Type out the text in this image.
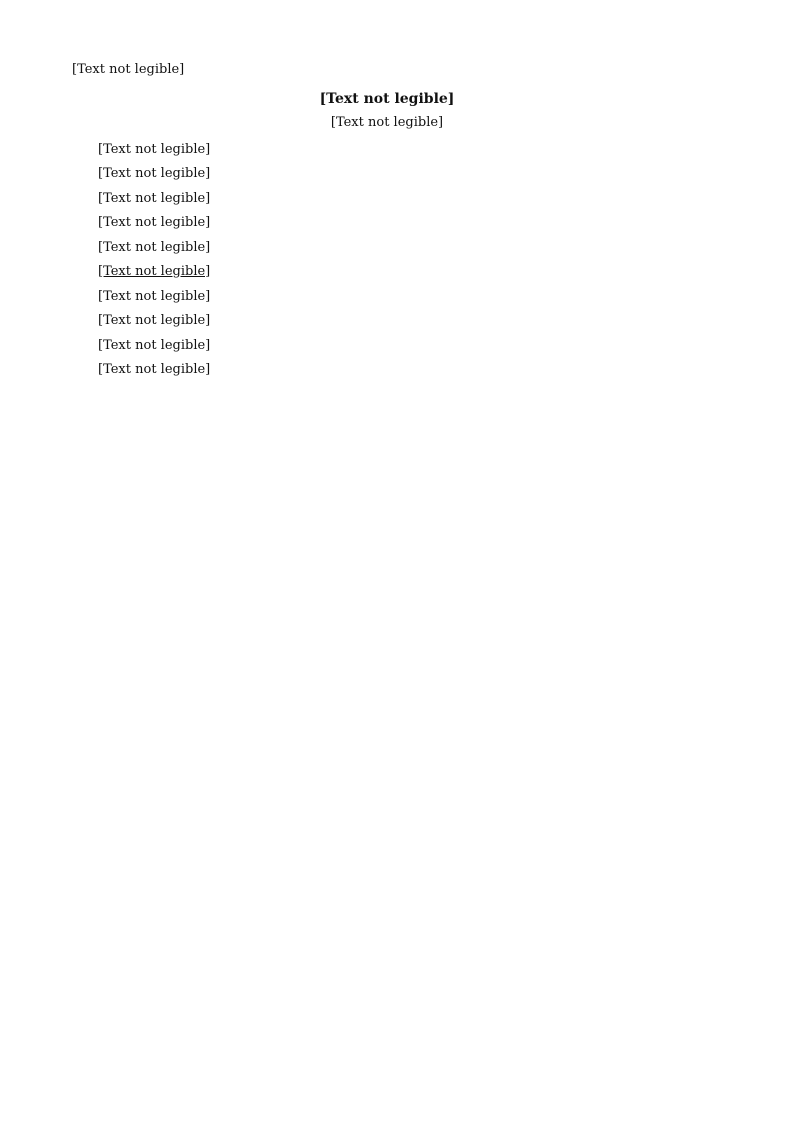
[Text not legible]

[Text not legible]
[Text not legible]

[Text not legible]

[Text not legible]

[Text not legible]

[Text not legible]

[Text not legible]

[Text not legible]

[Text not legible]

[Text not legible]

[Text not legible]

[Text not legible]
